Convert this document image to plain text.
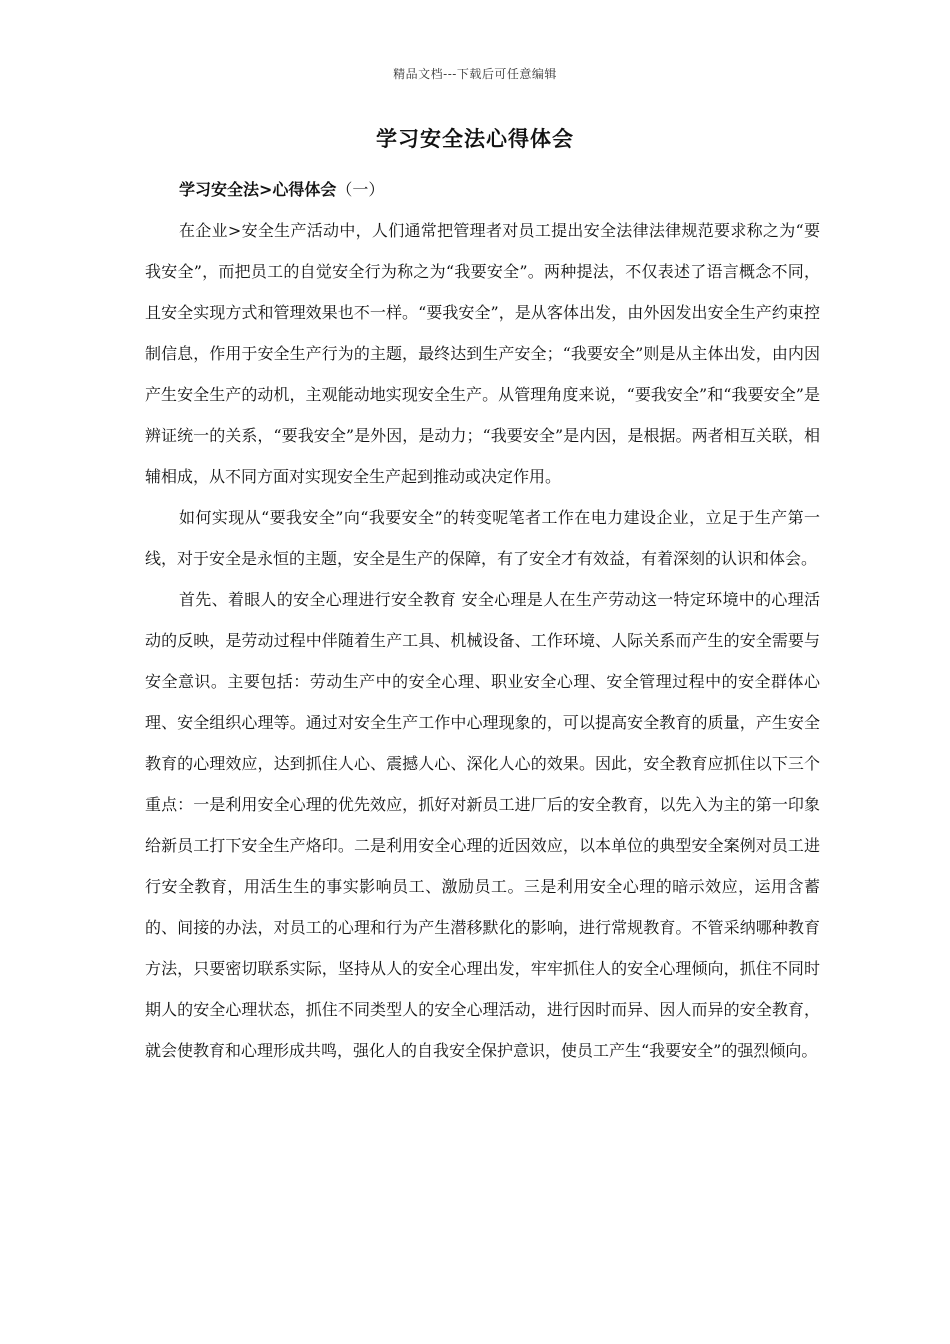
精品文档---下载后可任意编辑
学习安全法心得体会

学习安全法>心得体会（一）

在企业>安全生产活动中，人们通常把管理者对员工提出安全法律法律规范要求称之为“要我安全”，而把员工的自觉安全行为称之为“我要安全”。两种提法，不仅表述了语言概念不同，且安全实现方式和管理效果也不一样。“要我安全”，是从客体出发，由外因发出安全生产约束控制信息，作用于安全生产行为的主题，最终达到生产安全；“我要安全”则是从主体出发，由内因产生安全生产的动机，主观能动地实现安全生产。从管理角度来说，“要我安全”和“我要安全”是辨证统一的关系，“要我安全”是外因，是动力；“我要安全”是内因，是根据。两者相互关联，相辅相成，从不同方面对实现安全生产起到推动或决定作用。

如何实现从“要我安全”向“我要安全”的转变呢笔者工作在电力建设企业，立足于生产第一线，对于安全是永恒的主题，安全是生产的保障，有了安全才有效益，有着深刻的认识和体会。

首先、着眼人的安全心理进行安全教育 安全心理是人在生产劳动这一特定环境中的心理活动的反映，是劳动过程中伴随着生产工具、机械设备、工作环境、人际关系而产生的安全需要与安全意识。主要包括：劳动生产中的安全心理、职业安全心理、安全管理过程中的安全群体心理、安全组织心理等。通过对安全生产工作中心理现象的，可以提高安全教育的质量，产生安全教育的心理效应，达到抓住人心、震撼人心、深化人心的效果。因此，安全教育应抓住以下三个重点：一是利用安全心理的优先效应，抓好对新员工进厂后的安全教育，以先入为主的第一印象给新员工打下安全生产烙印。二是利用安全心理的近因效应，以本单位的典型安全案例对员工进行安全教育，用活生生的事实影响员工、激励员工。三是利用安全心理的暗示效应，运用含蓄的、间接的办法，对员工的心理和行为产生潜移默化的影响，进行常规教育。不管采纳哪种教育方法，只要密切联系实际，坚持从人的安全心理出发，牢牢抓住人的安全心理倾向，抓住不同时期人的安全心理状态，抓住不同类型人的安全心理活动，进行因时而异、因人而异的安全教育，就会使教育和心理形成共鸣，强化人的自我安全保护意识，使员工产生“我要安全”的强烈倾向。
